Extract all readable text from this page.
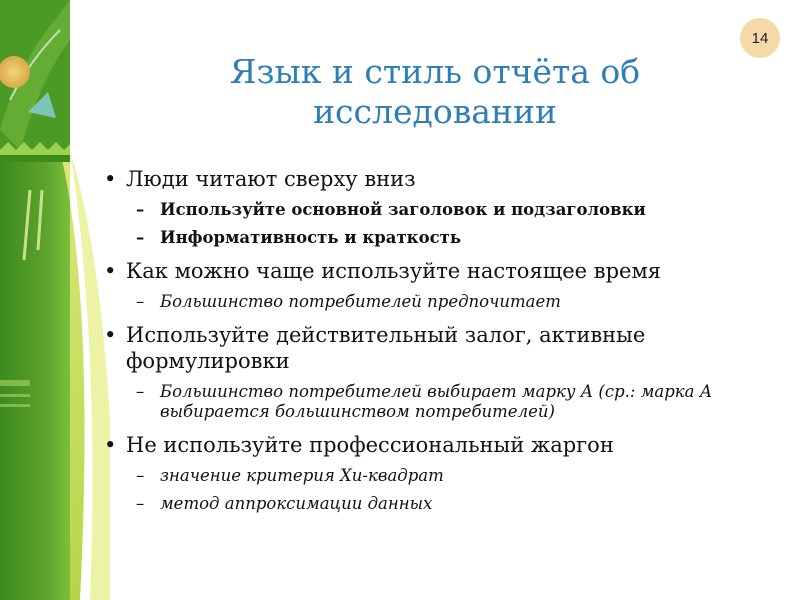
14
Язык и стиль отчёта об исследовании
• Люди читают сверху вниз
– Используйте основной заголовок и подзаголовки
– Информативность и краткость
• Как можно чаще используйте настоящее время
– Большинство потребителей предпочитает
• Используйте действительный залог, активные формулировки
– Большинство потребителей выбирает марку А (ср.: марка А выбирается большинством потребителей)
• Не используйте профессиональный жаргон
– значение критерия Хи-квадрат
– метод аппроксимации данных
